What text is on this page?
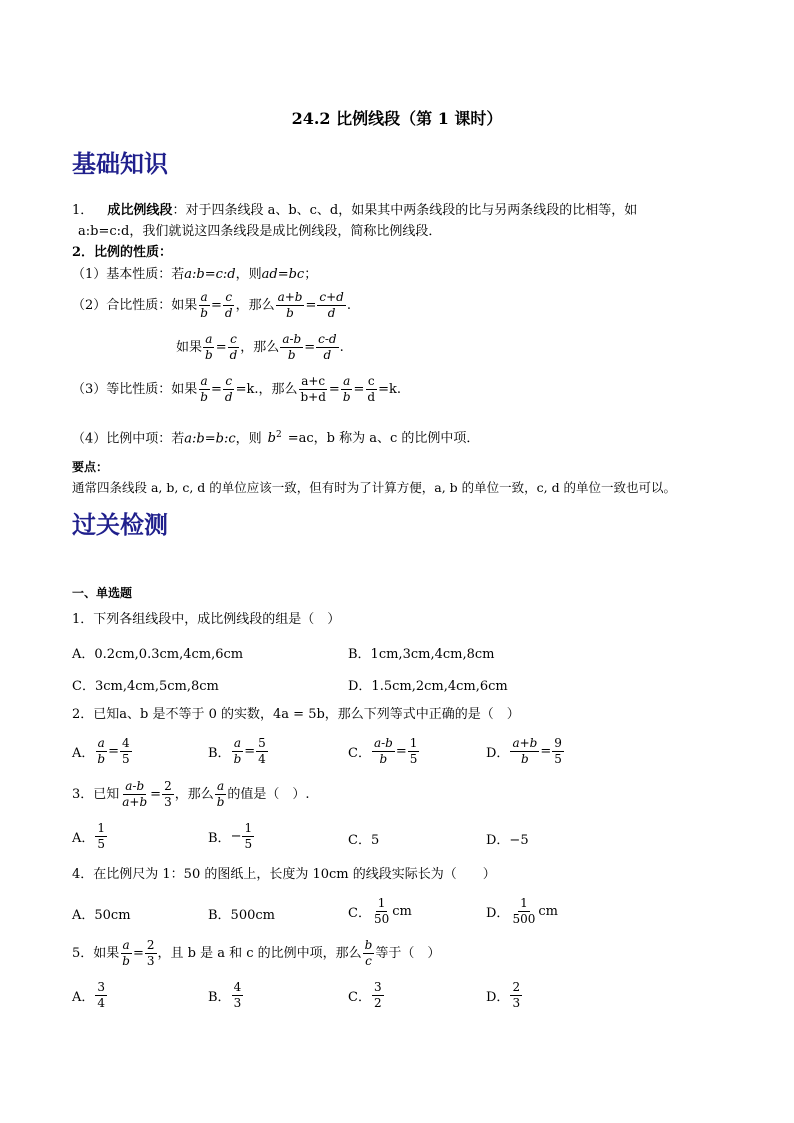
24.2 比例线段（第 1 课时）
基础知识
1． 成比例线段：对于四条线段 a、b、c、d，如果其中两条线段的比与另两条线段的比相等，如
a:b=c:d，我们就说这四条线段是成比例线段，简称比例线段．
2．比例的性质：
（1）基本性质：若a:b=c:d，则ad=bc；
（2）合比性质：如果 $\frac{a}{b} = \frac{c}{d}$ ，那么 $\frac{a+b}{b} = \frac{c+d}{d}$ .
如果 $\frac{a}{b} = \frac{c}{d}$ ，那么 $\frac{a-b}{b} = \frac{c-d}{d}$ .
（3）等比性质：如果 $\frac{a}{b} = \frac{c}{d} =k$. ，那么 $\frac{a+c}{b+d} = \frac{a}{b} = \frac{c}{d} =k$.
（4）比例中项：若a:b=b:c，则 $b^2 =ac$，b 称为 a、c 的比例中项．
要点：
通常四条线段 a, b, c, d 的单位应该一致，但有时为了计算方便，a, b 的单位一致，c, d 的单位一致也可以。
过关检测
一、单选题
1．下列各组线段中，成比例线段的组是（　）
A．0.2cm,0.3cm,4cm,6cm	B．1cm,3cm,4cm,8cm
C．3cm,4cm,5cm,8cm	D．1.5cm,2cm,4cm,6cm
2．已知a、b 是不等于 0 的实数，4a = 5b，那么下列等式中正确的是（　）
A． $\frac{a}{b} = \frac{4}{5}$	B． $\frac{a}{b} = \frac{5}{4}$	C． $\frac{a-b}{b} = \frac{1}{5}$	D． $\frac{a+b}{b} = \frac{9}{5}$
3．已知 $\frac{a-b}{a+b} = \frac{2}{3}$ ，那么 $\frac{a}{b}$ 的值是（　）.
A． $\frac{1}{5}$	B． − $\frac{1}{5}$	C．5	D．−5
4．在比例尺为 1：50 的图纸上，长度为 10cm 的线段实际长为（　　）
A．50cm	B．500cm	C． $\frac{1}{50}$ cm	D． $\frac{1}{500}$ cm
5．如果 $\frac{a}{b} = \frac{2}{3}$ ，且 b 是 a 和 c 的比例中项，那么 $\frac{b}{c}$ 等于（　）
A． $\frac{3}{4}$	B． $\frac{4}{3}$	C． $\frac{3}{2}$	D． $\frac{2}{3}$
